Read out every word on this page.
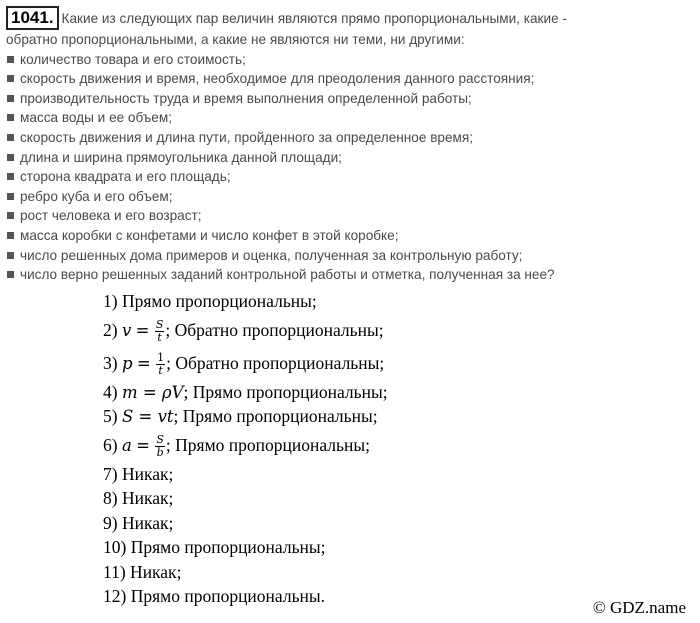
1041. Какие из следующих пар величин являются прямо пропорциональными, какие -
обратно пропорциональными, а какие не являются ни теми, ни другими:
количество товара и его стоимость;
скорость движения и время, необходимое для преодоления данного расстояния;
производительность труда и время выполнения определенной работы;
масса воды и ее объем;
скорость движения и длина пути, пройденного за определенное время;
длина и ширина прямоугольника данной площади;
сторона квадрата и его площадь;
ребро куба и его объем;
рост человека и его возраст;
масса коробки с конфетами и число конфет в этой коробке;
число решенных дома примеров и оценка, полученная за контрольную работу;
число верно решенных заданий контрольной работы и отметка, полученная за нее?
1) Прямо пропорциональны;
2) $v = \frac{S}{t}$ ; Обратно пропорциональны;
3) $p = \frac{1}{t}$ ; Обратно пропорциональны;
4) m = ρV; Прямо пропорциональны;
5) S = vt; Прямо пропорциональны;
6) $a = \frac{S}{b}$ ; Прямо пропорциональны;
7) Никак;
8) Никак;
9) Никак;
10) Прямо пропорциональны;
11) Никак;
12) Прямо пропорциональны.
© GDZ.name
